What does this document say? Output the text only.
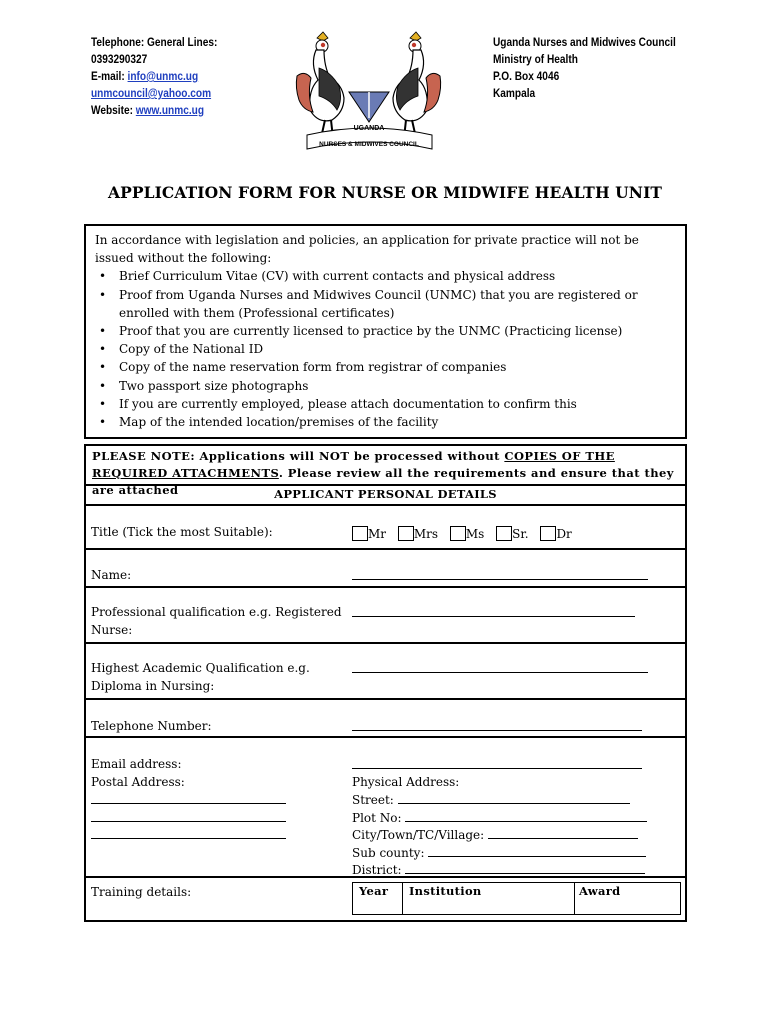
Telephone: General Lines:
0393290327
E-mail: info@unmc.ug
unmcouncil@yahoo.com
Website: www.unmc.ug
UGANDA
NURSES & MIDWIVES COUNCIL
Uganda Nurses and Midwives Council
Ministry of Health
P.O. Box 4046
Kampala
APPLICATION FORM FOR NURSE OR MIDWIFE HEALTH UNIT
In accordance with legislation and policies, an application for private practice will not be issued without the following:
• Brief Curriculum Vitae (CV) with current contacts and physical address
• Proof from Uganda Nurses and Midwives Council (UNMC) that you are registered or enrolled with them (Professional certificates)
• Proof that you are currently licensed to practice by the UNMC (Practicing license)
• Copy of the National ID
• Copy of the name reservation form from registrar of companies
• Two passport size photographs
• If you are currently employed, please attach documentation to confirm this
• Map of the intended location/premises of the facility
PLEASE NOTE: Applications will NOT be processed without COPIES OF THE REQUIRED ATTACHMENTS. Please review all the requirements and ensure that they are attached	APPLICANT PERSONAL DETAILS
Title (Tick the most Suitable):	Mr Mrs Ms Sr. Dr
Name:
Professional qualification e.g. Registered Nurse:
Highest Academic Qualification e.g. Diploma in Nursing:
Telephone Number:
Email address:
Postal Address:	Physical Address:
Street:
Plot No:
City/Town/TC/Village:
Sub county:
District:
Training details:	Year	Institution	Award
